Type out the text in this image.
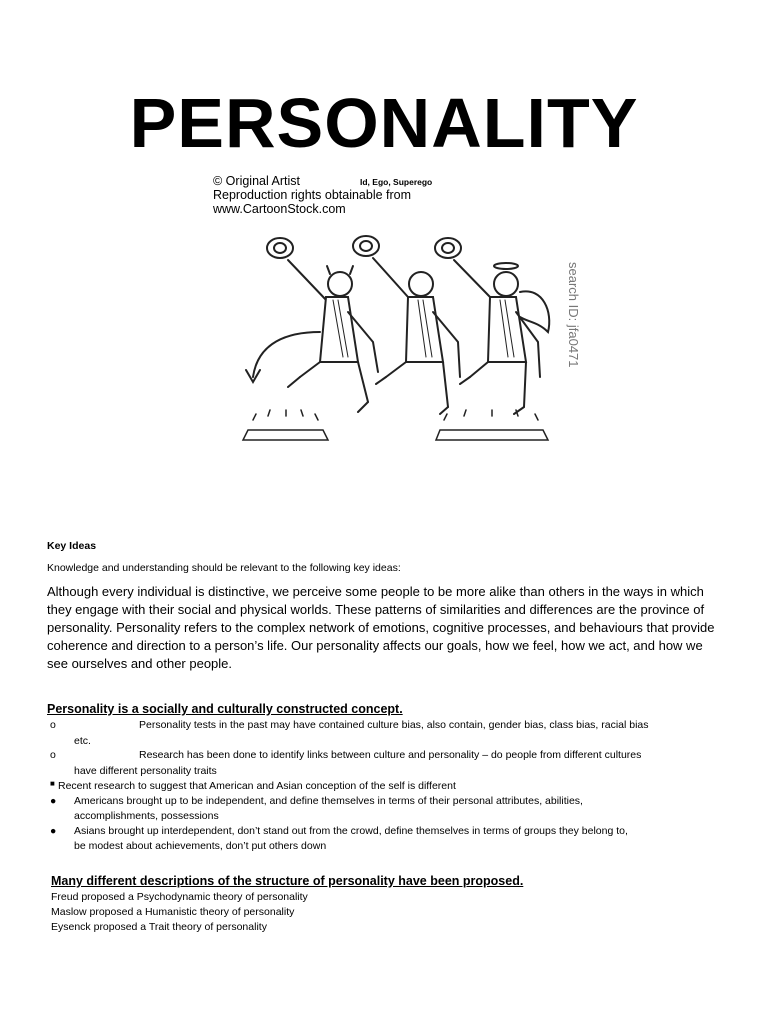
PERSONALITY
© Original Artist
Reproduction rights obtainable from
www.CartoonStock.com
Id, Ego, Superego
search ID: jfa0471
Key Ideas
Knowledge and understanding should be relevant to the following key ideas:
Although every individual is distinctive, we perceive some people to be more alike than others in the ways in which they engage with their social and physical worlds. These patterns of similarities and differences are the province of personality. Personality refers to the complex network of emotions, cognitive processes, and behaviours that provide coherence and direction to a person’s life. Our personality affects our goals, how we feel, how we act, and how we see ourselves and other people.
Personality is a socially and culturally constructed concept.
o	Personality tests in the past may have contained culture bias, also contain, gender bias, class bias, racial bias
etc.
o	Research has been done to identify links between culture and personality – do people from different cultures
have different personality traits
■ Recent research to suggest that American and Asian conception of the self is different
● Americans brought up to be independent, and define themselves in terms of their personal attributes, abilities,
accomplishments, possessions
● Asians brought up interdependent, don’t stand out from the crowd, define themselves in terms of groups they belong to,
be modest about achievements, don’t put others down
Many different descriptions of the structure of personality have been proposed.
Freud proposed a Psychodynamic theory of personality
Maslow proposed a Humanistic theory of personality
Eysenck proposed a Trait theory of personality
